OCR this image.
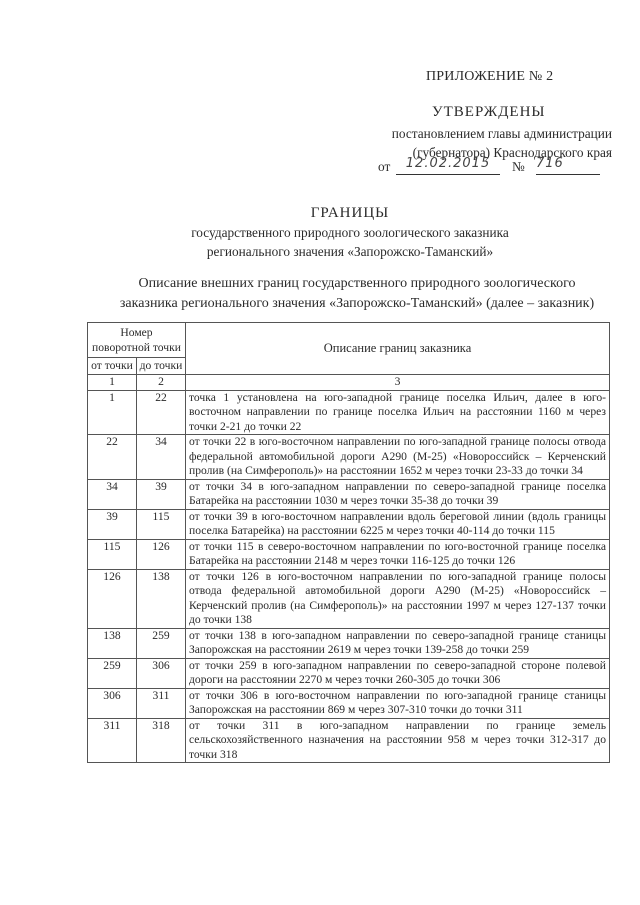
ПРИЛОЖЕНИЕ № 2
УТВЕРЖДЕНЫ
постановлением главы администрации
(губернатора) Краснодарского края
от	12.02.2015	№ 716
ГРАНИЦЫ
государственного природного зоологического заказника
регионального значения «Запорожско-Таманский»
Описание внешних границ государственного природного зоологического
заказника регионального значения «Запорожско-Таманский» (далее – заказник)
Номер поворотной точки		Описание границ заказника
от точки	до точки	
1	2	3
1	22	точка 1 установлена на юго-западной границе поселка Ильич, далее в юго-восточном направлении по границе поселка Ильич на расстоянии 1160 м через точки 2-21 до точки 22
22	34	от точки 22 в юго-восточном направлении по юго-западной границе полосы отвода федеральной автомобильной дороги А290 (М-25) «Новороссийск – Керченский пролив (на Симферополь)» на расстоянии 1652 м через точки 23-33 до точки 34
34	39	от точки 34 в юго-западном направлении по северо-западной границе поселка Батарейка на расстоянии 1030 м через точки 35-38 до точки 39
39	115	от точки 39 в юго-восточном направлении вдоль береговой линии (вдоль границы поселка Батарейка) на расстоянии 6225 м через точки 40-114 до точки 115
115	126	от точки 115 в северо-восточном направлении по юго-восточной границе поселка Батарейка на расстоянии 2148 м через точки 116-125 до точки 126
126	138	от точки 126 в юго-восточном направлении по юго-западной границе полосы отвода федеральной автомобильной дороги А290 (М-25) «Новороссийск – Керченский пролив (на Симферополь)» на расстоянии 1997 м через 127-137 точки до точки 138
138	259	от точки 138 в юго-западном направлении по северо-западной границе станицы Запорожская на расстоянии 2619 м через точки 139-258 до точки 259
259	306	от точки 259 в юго-западном направлении по северо-западной стороне полевой дороги на расстоянии 2270 м через точки 260-305 до точки 306
306	311	от точки 306 в юго-восточном направлении по юго-западной границе станицы Запорожская на расстоянии 869 м через 307-310 точки до точки 311
311	318	от точки 311 в юго-западном направлении по границе земель сельскохозяйственного назначения на расстоянии 958 м через точки 312-317 до точки 318
